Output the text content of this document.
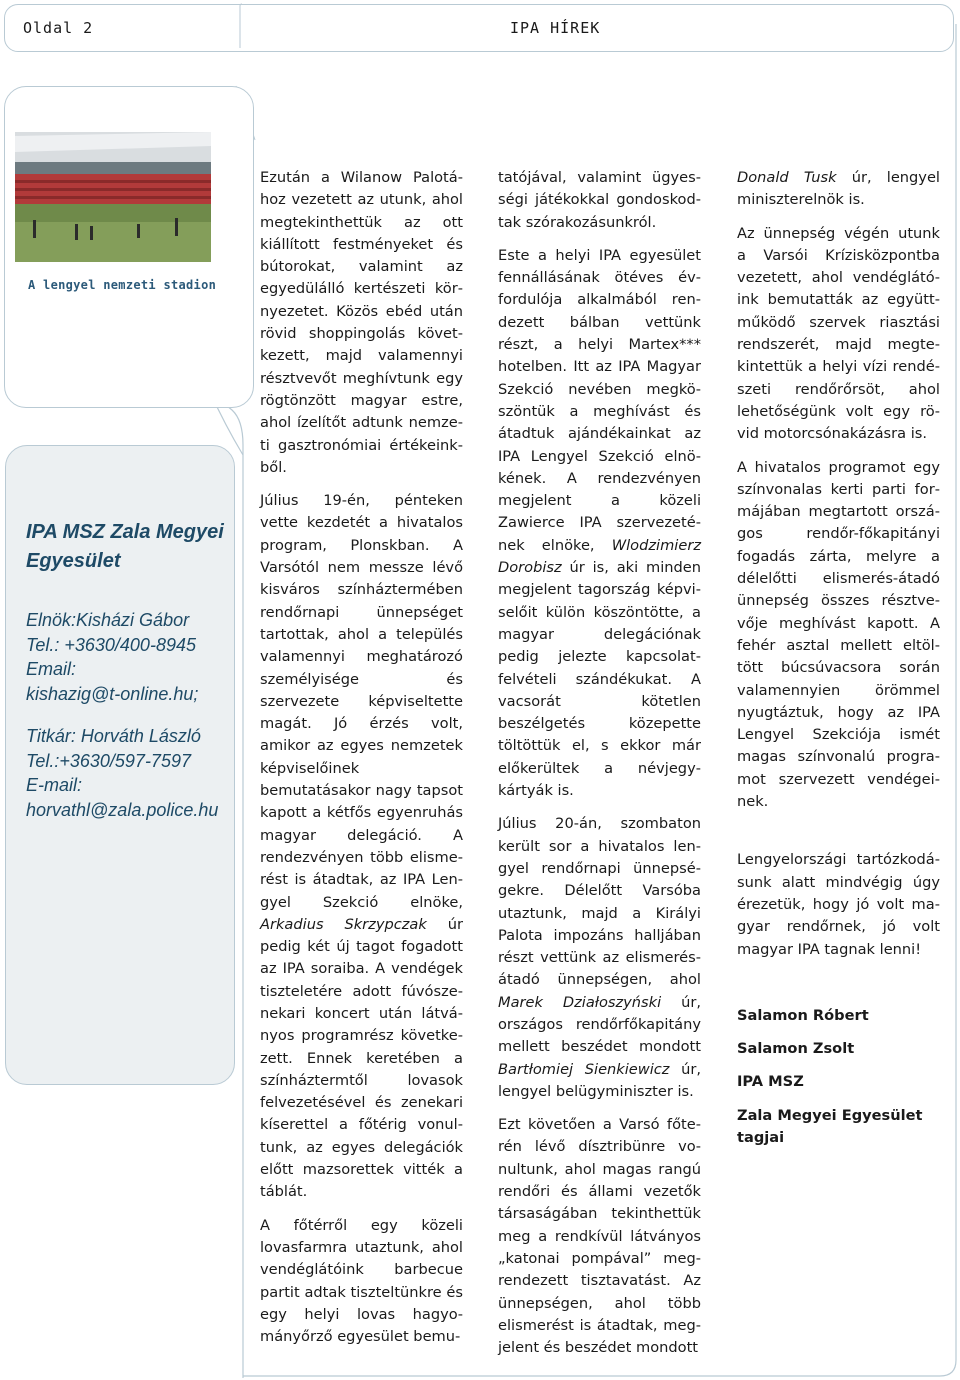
Oldal 2	IPA HÍREK
A lengyel nemzeti stadion
IPA MSZ Zala Megyei Egyesület
Elnök:Kisházi Gábor
Tel.: +3630/400-8945
Email:
kishazig@t-online.hu;
Titkár: Horváth László
Tel.:+3630/597-7597
E-mail:
horvathl@zala.police.hu

Ezután a Wilanow Palotához vezetett az utunk, ahol megtekinthettük az ott kiállított festményeket és bútorokat, valamint az egyedülálló kertészeti környezetet. Közös ebéd után rövid shoppingolás következett, majd valamennyi résztvevőt meghívtunk egy rögtönzött magyar estre, ahol ízelítőt adtunk nemzeti gasztronómiai értékeinkből.

Július 19-én, pénteken vette kezdetét a hivatalos program, Plonskban. A Varsótól nem messze lévő kisváros színháztermében rendőrnapi ünnepséget tartottak, ahol a település valamennyi meghatározó személyisége és szervezete képviseltette magát. Jó érzés volt, amikor az egyes nemzetek képviselőinek bemutatásakor nagy tapsot kapott a kétfős egyenruhás magyar delegáció. A rendezvényen több elismerést is átadtak, az IPA Lengyel Szekció elnöke, Arkadius Skrzypczak úr pedig két új tagot fogadott az IPA soraiba. A vendégek tiszteletére adott fúvószenekari koncert után látványos programrész következett. Ennek keretében a színháztermtől lovasok felvezetésével és zenekari kíserettel a főtérig vonultunk, az egyes delegációk előtt mazsorettek vitték a táblát.

A főtérről egy közeli lovasfarmra utaztunk, ahol vendéglátóink barbecue partit adtak tiszteltünkre és egy helyi lovas hagyományőrző egyesület bemu-

tatójával, valamint ügyességi játékokkal gondoskodtak szórakozásunkról.

Este a helyi IPA egyesület fennállásának ötéves évfordulója alkalmából rendezett bálban vettünk részt, a helyi Martex*** hotelben. Itt az IPA Magyar Szekció nevében megköszöntük a meghívást és átadtuk ajándékainkat az IPA Lengyel Szekció elnökének. A rendezvényen megjelent a közeli Zawierce IPA szervezetének elnöke, Wlodzimierz Dorobisz úr is, aki minden megjelent tagország képviselőit külön köszöntötte, a magyar delegációnak pedig jelezte kapcsolat-felvételi szándékukat. A vacsorát kötetlen beszélgetés közepette töltöttük el, s ekkor már előkerültek a névjegykártyák is.

Július 20-án, szombaton került sor a hivatalos lengyel rendőrnapi ünnepségekre. Délelőtt Varsóba utaztunk, majd a Királyi Palota impozáns halljában részt vettünk az elismerésátadó ünnepségen, ahol Marek Działoszyński úr, országos rendőrfőkapitány mellett beszédet mondott Bartłomiej Sienkiewicz úr, lengyel belügyminiszter is.

Ezt követően a Varsó főterén lévő dísztribünre vonultunk, ahol magas rangú rendőri és állami vezetők társaságában tekinthettük meg a rendkívül látványos „katonai pompával” megrendezett tisztavatást. Az ünnepségen, ahol több elismerést is átadtak, megjelent és beszédet mondott

Donald Tusk úr, lengyel miniszterelnök is.

Az ünnepség végén utunk a Varsói Krízisközpontba vezetett, ahol vendéglátóink bemutatták az együttműködő szervek riasztási rendszerét, majd megtekintettük a helyi vízi rendészeti rendőrőrsöt, ahol lehetőségünk volt egy rövid motorcsónakázásra is.

A hivatalos programot egy színvonalas kerti parti formájában megtartott országos rendőr-főkapitányi fogadás zárta, melyre a délelőtti elismerés-átadó ünnepség összes résztvevője meghívást kapott. A fehér asztal mellett eltöltött búcsúvacsora során valamennyien örömmel nyugtáztuk, hogy az IPA Lengyel Szekciója ismét magas színvonalú programot szervezett vendégeinek.

Lengyelországi tartózkodásunk alatt mindvégig úgy érezetük, hogy jó volt magyar rendőrnek, jó volt magyar IPA tagnak lenni!

Salamon Róbert
Salamon Zsolt
IPA MSZ
Zala Megyei Egyesület tagjai
